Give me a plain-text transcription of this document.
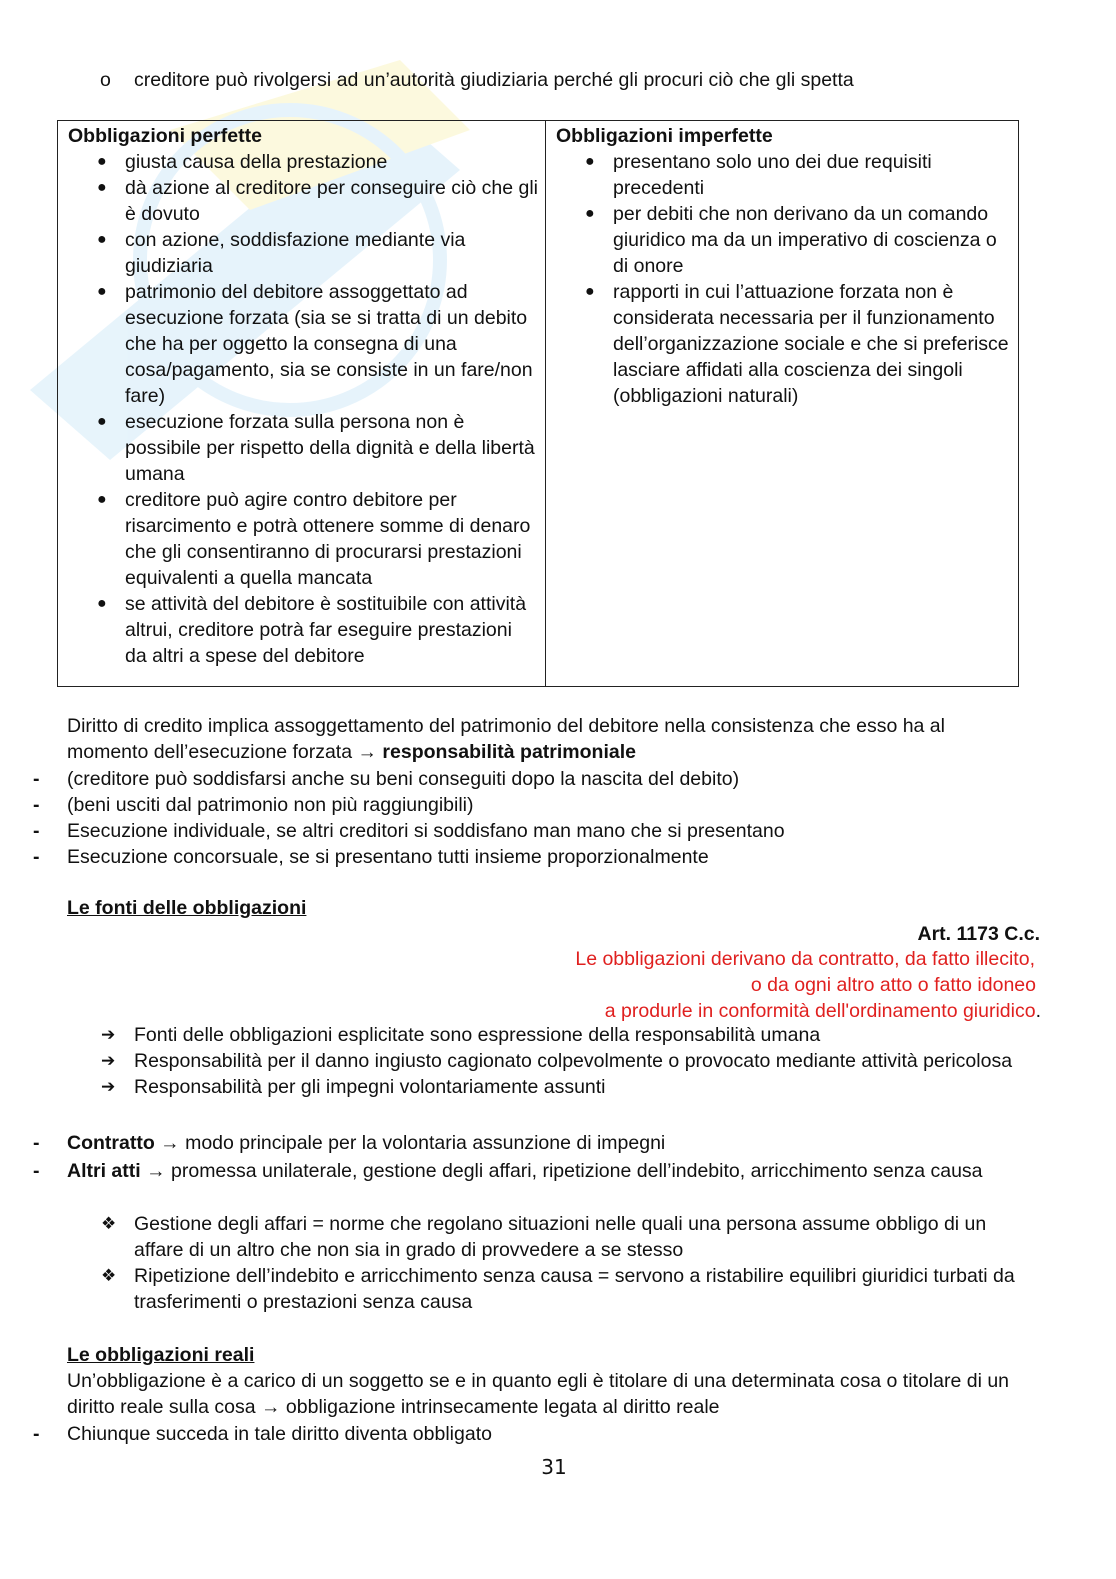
o creditore può rivolgersi ad un’autorità giudiziaria perché gli procuri ciò che gli spetta
Obbligazioni perfette
● giusta causa della prestazione
● dà azione al creditore per conseguire ciò che gli è dovuto
● con azione, soddisfazione mediante via giudiziaria
● patrimonio del debitore assoggettato ad esecuzione forzata (sia se si tratta di un debito che ha per oggetto la consegna di una cosa/pagamento, sia se consiste in un fare/non fare)
● esecuzione forzata sulla persona non è possibile per rispetto della dignità e della libertà umana
● creditore può agire contro debitore per risarcimento e potrà ottenere somme di denaro che gli consentiranno di procurarsi prestazioni equivalenti a quella mancata
● se attività del debitore è sostituibile con attività altrui, creditore potrà far eseguire prestazioni da altri a spese del debitore
Obbligazioni imperfette
● presentano solo uno dei due requisiti precedenti
● per debiti che non derivano da un comando giuridico ma da un imperativo di coscienza o di onore
● rapporti in cui l’attuazione forzata non è considerata necessaria per il funzionamento dell’organizzazione sociale e che si preferisce lasciare affidati alla coscienza dei singoli (obbligazioni naturali)
Diritto di credito implica assoggettamento del patrimonio del debitore nella consistenza che esso ha al momento dell’esecuzione forzata → responsabilità patrimoniale
- (creditore può soddisfarsi anche su beni conseguiti dopo la nascita del debito)
- (beni usciti dal patrimonio non più raggiungibili)
- Esecuzione individuale, se altri creditori si soddisfano man mano che si presentano
- Esecuzione concorsuale, se si presentano tutti insieme proporzionalmente
Le fonti delle obbligazioni
Art. 1173 C.c.
Le obbligazioni derivano da contratto, da fatto illecito,
o da ogni altro atto o fatto idoneo
a produrle in conformità dell'ordinamento giuridico.
➔ Fonti delle obbligazioni esplicitate sono espressione della responsabilità umana
➔ Responsabilità per il danno ingiusto cagionato colpevolmente o provocato mediante attività pericolosa
➔ Responsabilità per gli impegni volontariamente assunti
- Contratto → modo principale per la volontaria assunzione di impegni
- Altri atti → promessa unilaterale, gestione degli affari, ripetizione dell’indebito, arricchimento senza causa
❖ Gestione degli affari = norme che regolano situazioni nelle quali una persona assume obbligo di un affare di un altro che non sia in grado di provvedere a se stesso
❖ Ripetizione dell’indebito e arricchimento senza causa = servono a ristabilire equilibri giuridici turbati da trasferimenti o prestazioni senza causa
Le obbligazioni reali
Un’obbligazione è a carico di un soggetto se e in quanto egli è titolare di una determinata cosa o titolare di un diritto reale sulla cosa → obbligazione intrinsecamente legata al diritto reale
- Chiunque succeda in tale diritto diventa obbligato
31
